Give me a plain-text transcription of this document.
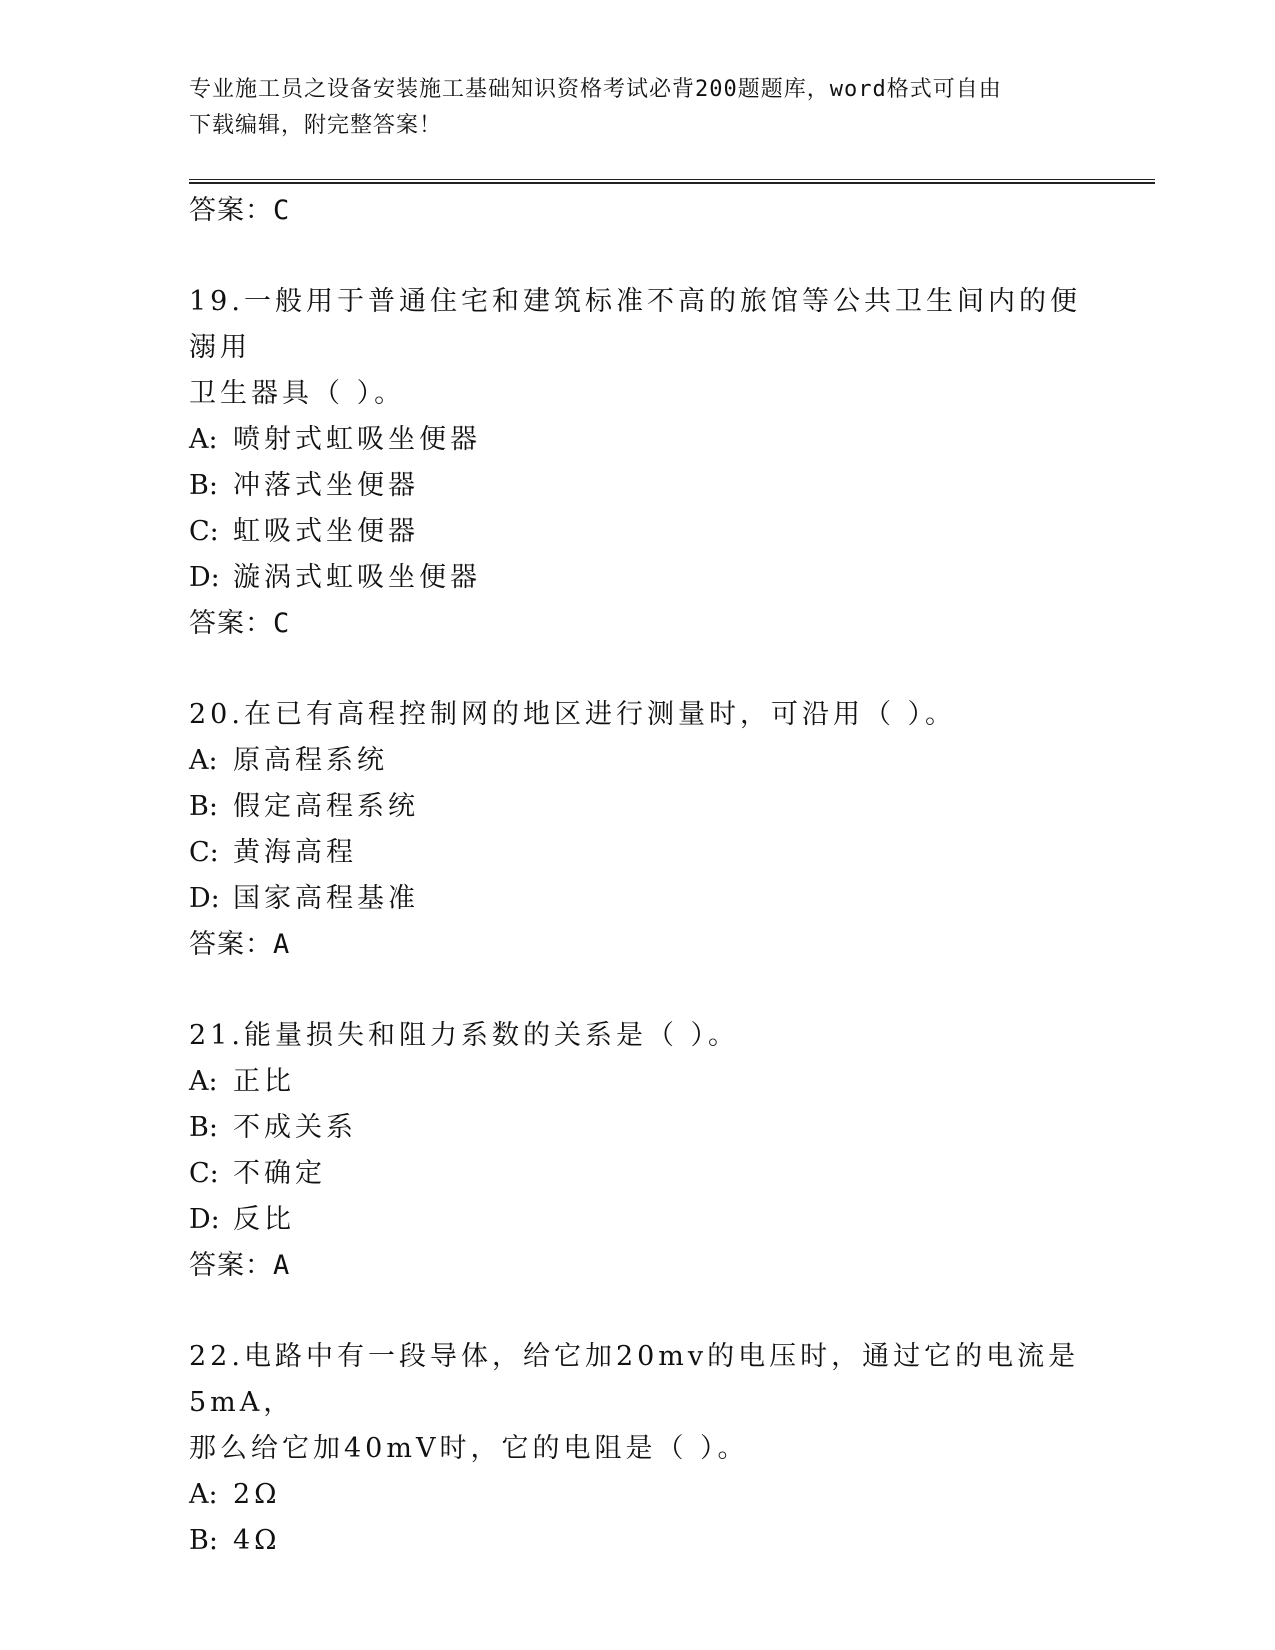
专业施工员之设备安装施工基础知识资格考试必背200题题库，word格式可自由
下载编辑，附完整答案！
答案：C
19.一般用于普通住宅和建筑标准不高的旅馆等公共卫生间内的便溺用
卫生器具（ ）。
A: 喷射式虹吸坐便器
B: 冲落式坐便器
C: 虹吸式坐便器
D: 漩涡式虹吸坐便器
答案：C
20.在已有高程控制网的地区进行测量时，可沿用（ ）。
A: 原高程系统
B: 假定高程系统
C: 黄海高程
D: 国家高程基准
答案：A
21.能量损失和阻力系数的关系是（ ）。
A: 正比
B: 不成关系
C: 不确定
D: 反比
答案：A
22.电路中有一段导体，给它加20mv的电压时，通过它的电流是5mA，
那么给它加40mV时，它的电阻是（ ）。
A: 2Ω
B: 4Ω
